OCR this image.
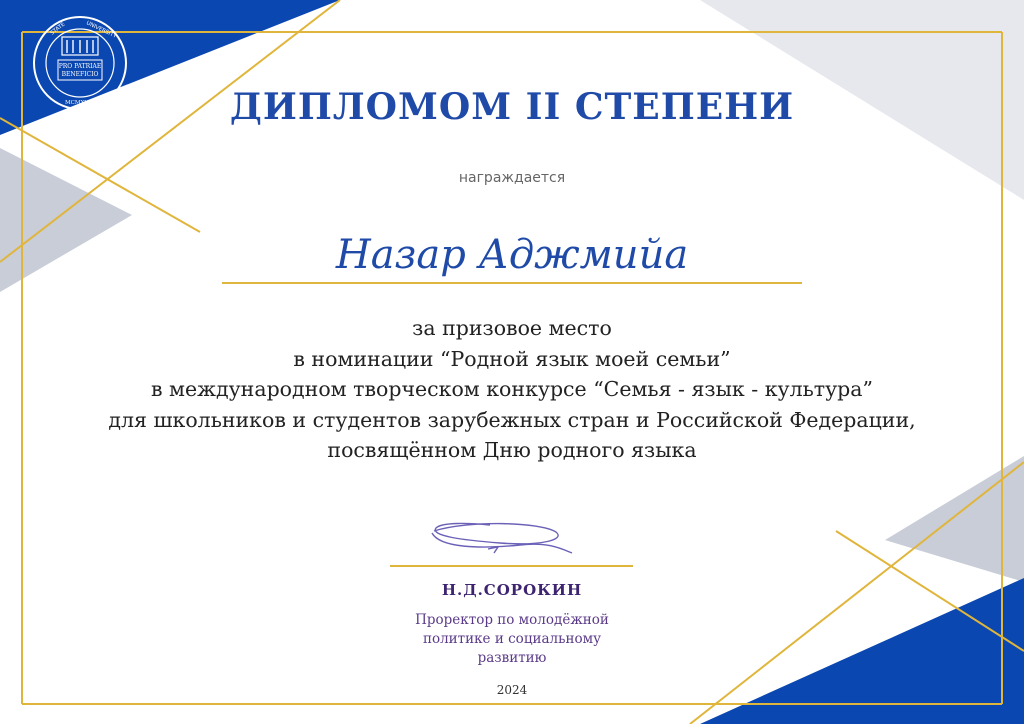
PRO PATRIAE
BENEFICIO
MCMXVIII
STATE	UNIVERSITY
ДИПЛОМОМ II СТЕПЕНИ
награждается
Назар Аджмийа
за призовое место
в номинации “Родной язык моей семьи”
в международном творческом конкурсе “Семья - язык - культура”
для школьников и студентов зарубежных стран и Российской Федерации,
посвящённом Дню родного языка
Н.Д.СОРОКИН
Проректор по молодёжной
политике и социальному
развитию
2024
